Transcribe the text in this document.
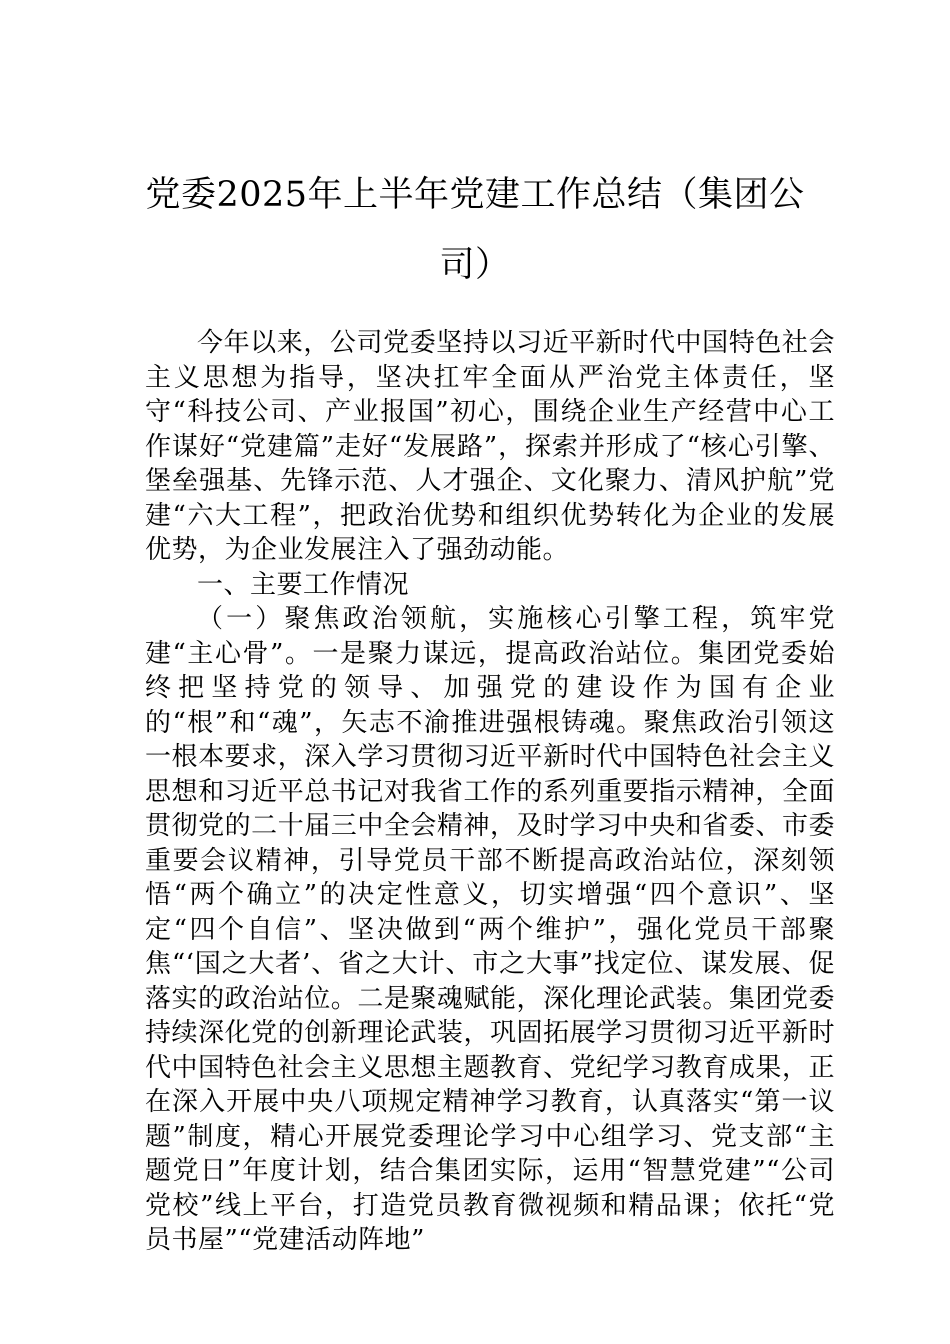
党委2025年上半年党建工作总结（集团公司）

今年以来，公司党委坚持以习近平新时代中国特色社会主义思想为指导，坚决扛牢全面从严治党主体责任，坚守“科技公司、产业报国”初心，围绕企业生产经营中心工作谋好“党建篇”走好“发展路”，探索并形成了“核心引擎、堡垒强基、先锋示范、人才强企、文化聚力、清风护航”党建“六大工程”，把政治优势和组织优势转化为企业的发展优势，为企业发展注入了强劲动能。

一、主要工作情况

（一）聚焦政治领航，实施核心引擎工程，筑牢党建“主心骨”。一是聚力谋远，提高政治站位。集团党委始终把坚持党的领导、加强党的建设作为国有企业的“根”和“魂”，矢志不渝推进强根铸魂。聚焦政治引领这一根本要求，深入学习贯彻习近平新时代中国特色社会主义思想和习近平总书记对我省工作的系列重要指示精神，全面贯彻党的二十届三中全会精神，及时学习中央和省委、市委重要会议精神，引导党员干部不断提高政治站位，深刻领悟“两个确立”的决定性意义，切实增强“四个意识”、坚定“四个自信”、坚决做到“两个维护”，强化党员干部聚焦“‘国之大者’、省之大计、市之大事”找定位、谋发展、促落实的政治站位。二是聚魂赋能，深化理论武装。集团党委持续深化党的创新理论武装，巩固拓展学习贯彻习近平新时代中国特色社会主义思想主题教育、党纪学习教育成果，正在深入开展中央八项规定精神学习教育，认真落实“第一议题”制度，精心开展党委理论学习中心组学习、党支部“主题党日”年度计划，结合集团实际，运用“智慧党建”“公司党校”线上平台，打造党员教育微视频和精品课；依托“党员书屋”“党建活动阵地”
